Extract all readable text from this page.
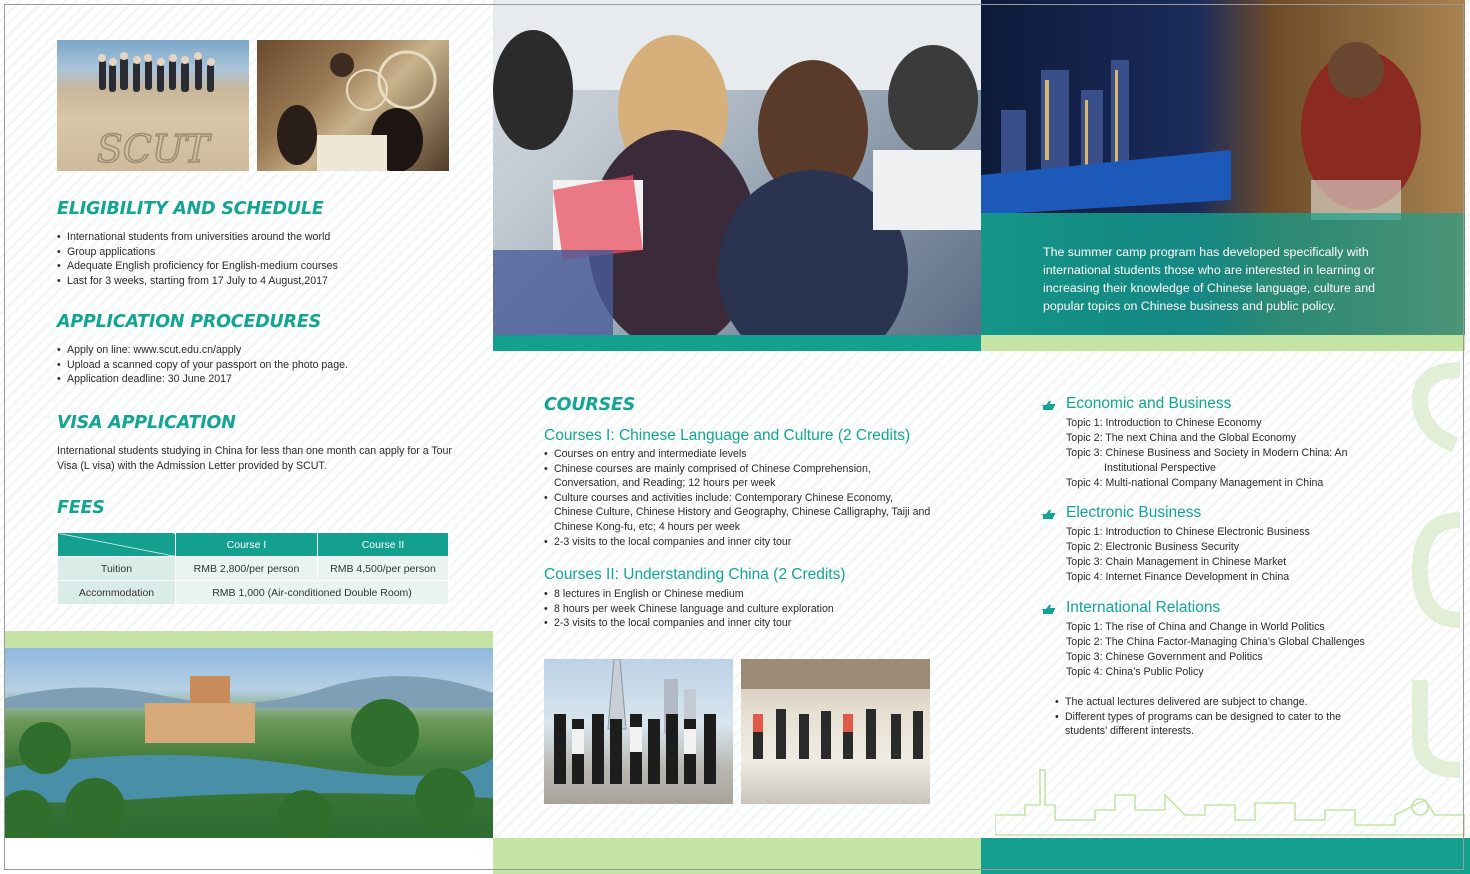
SCUT
ELIGIBILITY AND SCHEDULE
• International students from universities around the world
• Group applications
• Adequate English proficiency for English-medium courses
• Last for 3 weeks, starting from 17 July to 4 August,2017
APPLICATION PROCEDURES
• Apply on line: www.scut.edu.cn/apply
• Upload a scanned copy of your passport on the photo page.
• Application deadline: 30 June 2017
VISA APPLICATION
International students studying in China for less than one month can apply for a Tour Visa (L visa) with the Admission Letter provided by SCUT.
FEES
	Course I	Course II
Tuition	RMB 2,800/per person	RMB 4,500/per person
Accommodation	RMB 1,000 (Air-conditioned Double Room)	
COURSES
Courses I: Chinese Language and Culture (2 Credits)
• Courses on entry and intermediate levels
• Chinese courses are mainly comprised of Chinese Comprehension, Conversation, and Reading; 12 hours per week
• Culture courses and activities include: Contemporary Chinese Economy, Chinese Culture, Chinese History and Geography, Chinese Calligraphy, Taiji and Chinese Kong-fu, etc; 4 hours per week
• 2-3 visits to the local companies and inner city tour
Courses II: Understanding China (2 Credits)
• 8 lectures in English or Chinese medium
• 8 hours per week Chinese language and culture exploration
• 2-3 visits to the local companies and inner city tour
The summer camp program has developed specifically with international students those who are interested in learning or increasing their knowledge of Chinese language, culture and popular topics on Chinese business and public policy.
Economic and Business
Topic 1: Introduction to Chinese Economy
Topic 2: The next China and the Global Economy
Topic 3: Chinese Business and Society in Modern China: An Institutional Perspective
Topic 4: Multi-national Company Management in China
Electronic Business
Topic 1: Introduction to Chinese Electronic Business
Topic 2: Electronic Business Security
Topic 3: Chain Management in Chinese Market
Topic 4: Internet Finance Development in China
International Relations
Topic 1: The rise of China and Change in World Politics
Topic 2: The China Factor-Managing China’s Global Challenges
Topic 3: Chinese Government and Politics
Topic 4: China’s Public Policy
• The actual lectures delivered are subject to change.
• Different types of programs can be designed to cater to the students’ different interests.
